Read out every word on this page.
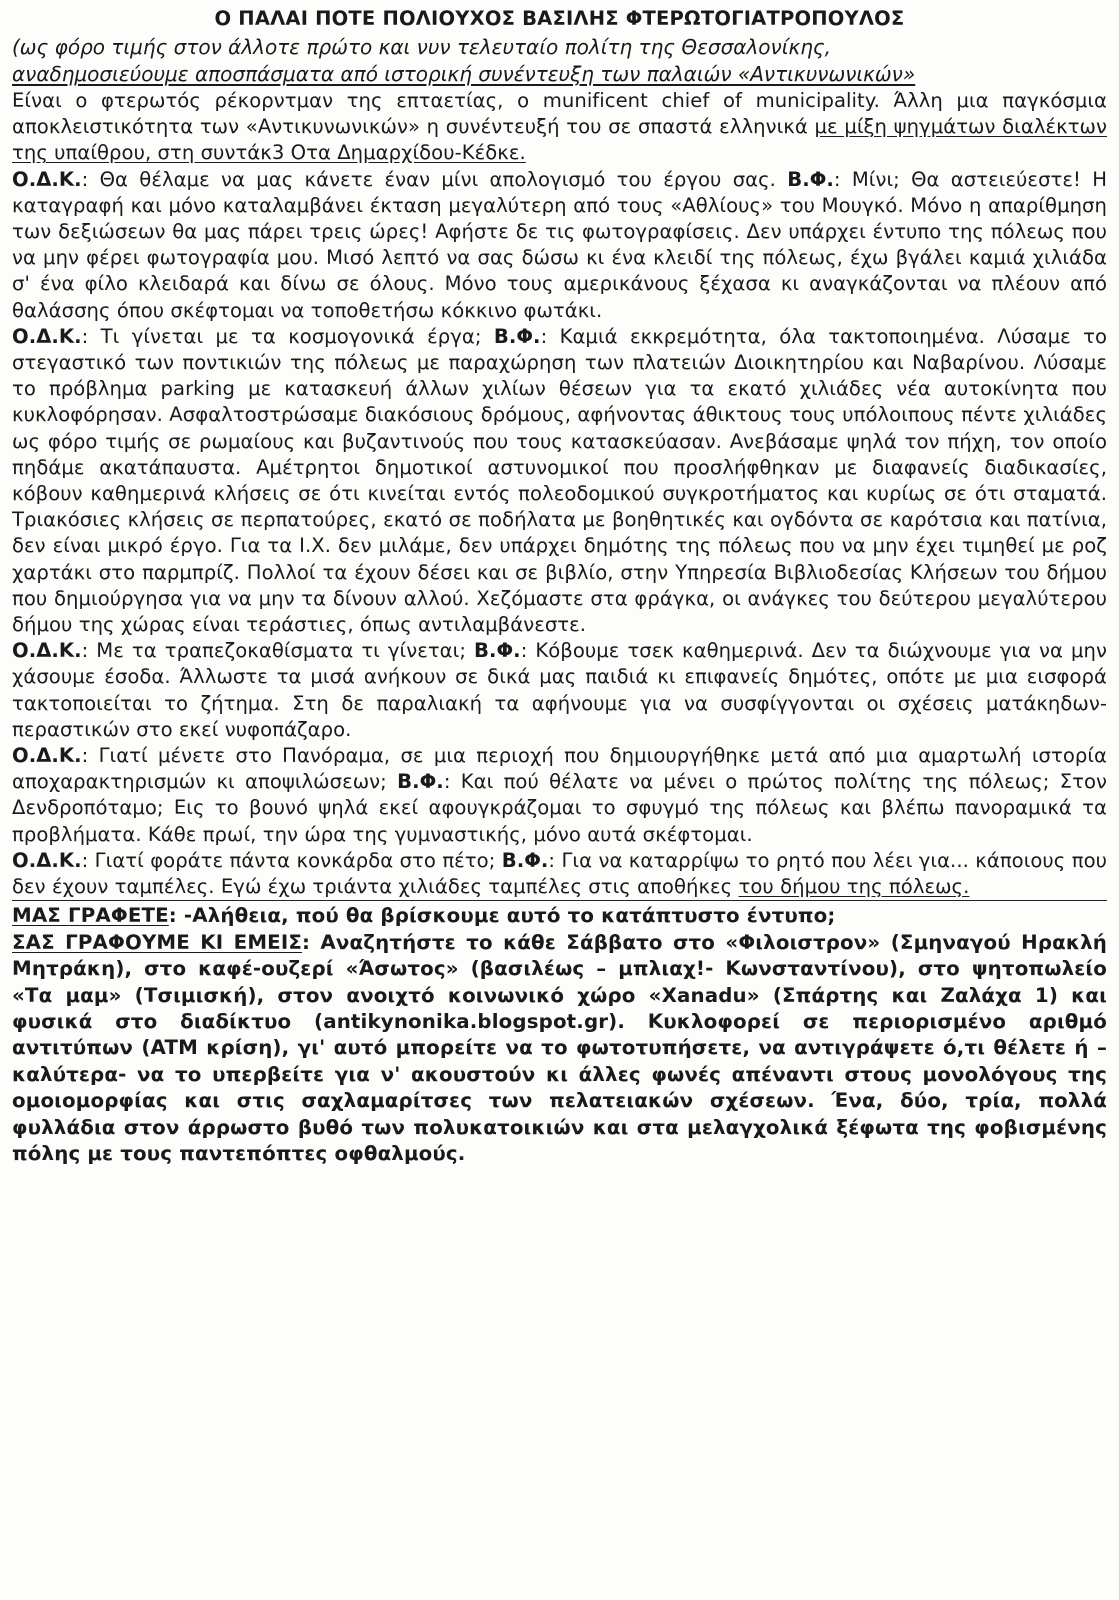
Ο ΠΑΛΑΙ ΠΟΤΕ ΠΟΛΙΟΥΧΟΣ ΒΑΣΙΛΗΣ ΦΤΕΡΩΤΟΓΙΑΤΡΟΠΟΥΛΟΣ

(ως φόρο τιμής στον άλλοτε πρώτο και νυν τελευταίο πολίτη της Θεσσαλονίκης,

αναδημοσιεύουμε αποσπάσματα από ιστορική συνέντευξη των παλαιών «Αντικυνωνικών»

Είναι ο φτερωτός ρέκορντμαν της επταετίας, ο munificent chief of municipality. Άλλη μια παγκόσμια αποκλειστικότητα των «Αντικυνωνικών» η συνέντευξή του σε σπαστά ελληνικά με μίξη ψηγμάτων διαλέκτων της υπαίθρου, στη συντάκ3 Οτα Δημαρχίδου-Κέδκε.

Ο.Δ.Κ.: Θα θέλαμε να μας κάνετε έναν μίνι απολογισμό του έργου σας. Β.Φ.: Μίνι; Θα αστειεύεστε! Η καταγραφή και μόνο καταλαμβάνει έκταση μεγαλύτερη από τους «Αθλίους» του Μουγκό. Μόνο η απαρίθμηση των δεξιώσεων θα μας πάρει τρεις ώρες! Αφήστε δε τις φωτογραφίσεις. Δεν υπάρχει έντυπο της πόλεως που να μην φέρει φωτογραφία μου. Μισό λεπτό να σας δώσω κι ένα κλειδί της πόλεως, έχω βγάλει καμιά χιλιάδα σ' ένα φίλο κλειδαρά και δίνω σε όλους. Μόνο τους αμερικάνους ξέχασα κι αναγκάζονται να πλέουν από θαλάσσης όπου σκέφτομαι να τοποθετήσω κόκκινο φωτάκι.

Ο.Δ.Κ.: Τι γίνεται με τα κοσμογονικά έργα; Β.Φ.: Καμιά εκκρεμότητα, όλα τακτοποιημένα. Λύσαμε το στεγαστικό των ποντικιών της πόλεως με παραχώρηση των πλατειών Διοικητηρίου και Ναβαρίνου. Λύσαμε το πρόβλημα parking με κατασκευή άλλων χιλίων θέσεων για τα εκατό χιλιάδες νέα αυτοκίνητα που κυκλοφόρησαν. Ασφαλτοστρώσαμε διακόσιους δρόμους, αφήνοντας άθικτους τους υπόλοιπους πέντε χιλιάδες ως φόρο τιμής σε ρωμαίους και βυζαντινούς που τους κατασκεύασαν. Ανεβάσαμε ψηλά τον πήχη, τον οποίο πηδάμε ακατάπαυστα. Αμέτρητοι δημοτικοί αστυνομικοί που προσλήφθηκαν με διαφανείς διαδικασίες, κόβουν καθημερινά κλήσεις σε ότι κινείται εντός πολεοδομικού συγκροτήματος και κυρίως σε ότι σταματά. Τριακόσιες κλήσεις σε περπατούρες, εκατό σε ποδήλατα με βοηθητικές και ογδόντα σε καρότσια και πατίνια, δεν είναι μικρό έργο. Για τα Ι.Χ. δεν μιλάμε, δεν υπάρχει δημότης της πόλεως που να μην έχει τιμηθεί με ροζ χαρτάκι στο παρμπρίζ. Πολλοί τα έχουν δέσει και σε βιβλίο, στην Υπηρεσία Βιβλιοδεσίας Κλήσεων του δήμου που δημιούργησα για να μην τα δίνουν αλλού. Χεζόμαστε στα φράγκα, οι ανάγκες του δεύτερου μεγαλύτερου δήμου της χώρας είναι τεράστιες, όπως αντιλαμβάνεστε.

Ο.Δ.Κ.: Με τα τραπεζοκαθίσματα τι γίνεται; Β.Φ.: Κόβουμε τσεκ καθημερινά. Δεν τα διώχνουμε για να μην χάσουμε έσοδα. Άλλωστε τα μισά ανήκουν σε δικά μας παιδιά κι επιφανείς δημότες, οπότε με μια εισφορά τακτοποιείται το ζήτημα. Στη δε παραλιακή τα αφήνουμε για να συσφίγγονται οι σχέσεις ματάκηδων-περαστικών στο εκεί νυφοπάζαρο.

Ο.Δ.Κ.: Γιατί μένετε στο Πανόραμα, σε μια περιοχή που δημιουργήθηκε μετά από μια αμαρτωλή ιστορία αποχαρακτηρισμών κι αποψιλώσεων; Β.Φ.: Και πού θέλατε να μένει ο πρώτος πολίτης της πόλεως; Στον Δενδροπόταμο; Εις το βουνό ψηλά εκεί αφουγκράζομαι το σφυγμό της πόλεως και βλέπω πανοραμικά τα προβλήματα. Κάθε πρωί, την ώρα της γυμναστικής, μόνο αυτά σκέφτομαι.

Ο.Δ.Κ.: Γιατί φοράτε πάντα κονκάρδα στο πέτο; Β.Φ.: Για να καταρρίψω το ρητό που λέει για... κάποιους που δεν έχουν ταμπέλες. Εγώ έχω τριάντα χιλιάδες ταμπέλες στις αποθήκες του δήμου της πόλεως.

ΜΑΣ ΓΡΑΦΕΤΕ: -Αλήθεια, πού θα βρίσκουμε αυτό το κατάπτυστο έντυπο;

ΣΑΣ ΓΡΑΦΟΥΜΕ ΚΙ ΕΜΕΙΣ: Αναζητήστε το κάθε Σάββατο στο «Φιλοιστρον» (Σμηναγού Ηρακλή Μητράκη), στο καφέ-ουζερί «Άσωτος» (βασιλέως – μπλιαχ!- Κωνσταντίνου), στο ψητοπωλείο «Τα μαμ» (Τσιμισκή), στον ανοιχτό κοινωνικό χώρο «Xanadu» (Σπάρτης και Ζαλάχα 1) και φυσικά στο διαδίκτυο (antikynonika.blogspot.gr). Κυκλοφορεί σε περιορισμένο αριθμό αντιτύπων (ATM κρίση), γι' αυτό μπορείτε να το φωτοτυπήσετε, να αντιγράψετε ό,τι θέλετε ή –καλύτερα- να το υπερβείτε για ν' ακουστούν κι άλλες φωνές απέναντι στους μονολόγους της ομοιομορφίας και στις σαχλαμαρίτσες των πελατειακών σχέσεων. Ένα, δύο, τρία, πολλά φυλλάδια στον άρρωστο βυθό των πολυκατοικιών και στα μελαγχολικά ξέφωτα της φοβισμένης πόλης με τους παντεπόπτες οφθαλμούς.
